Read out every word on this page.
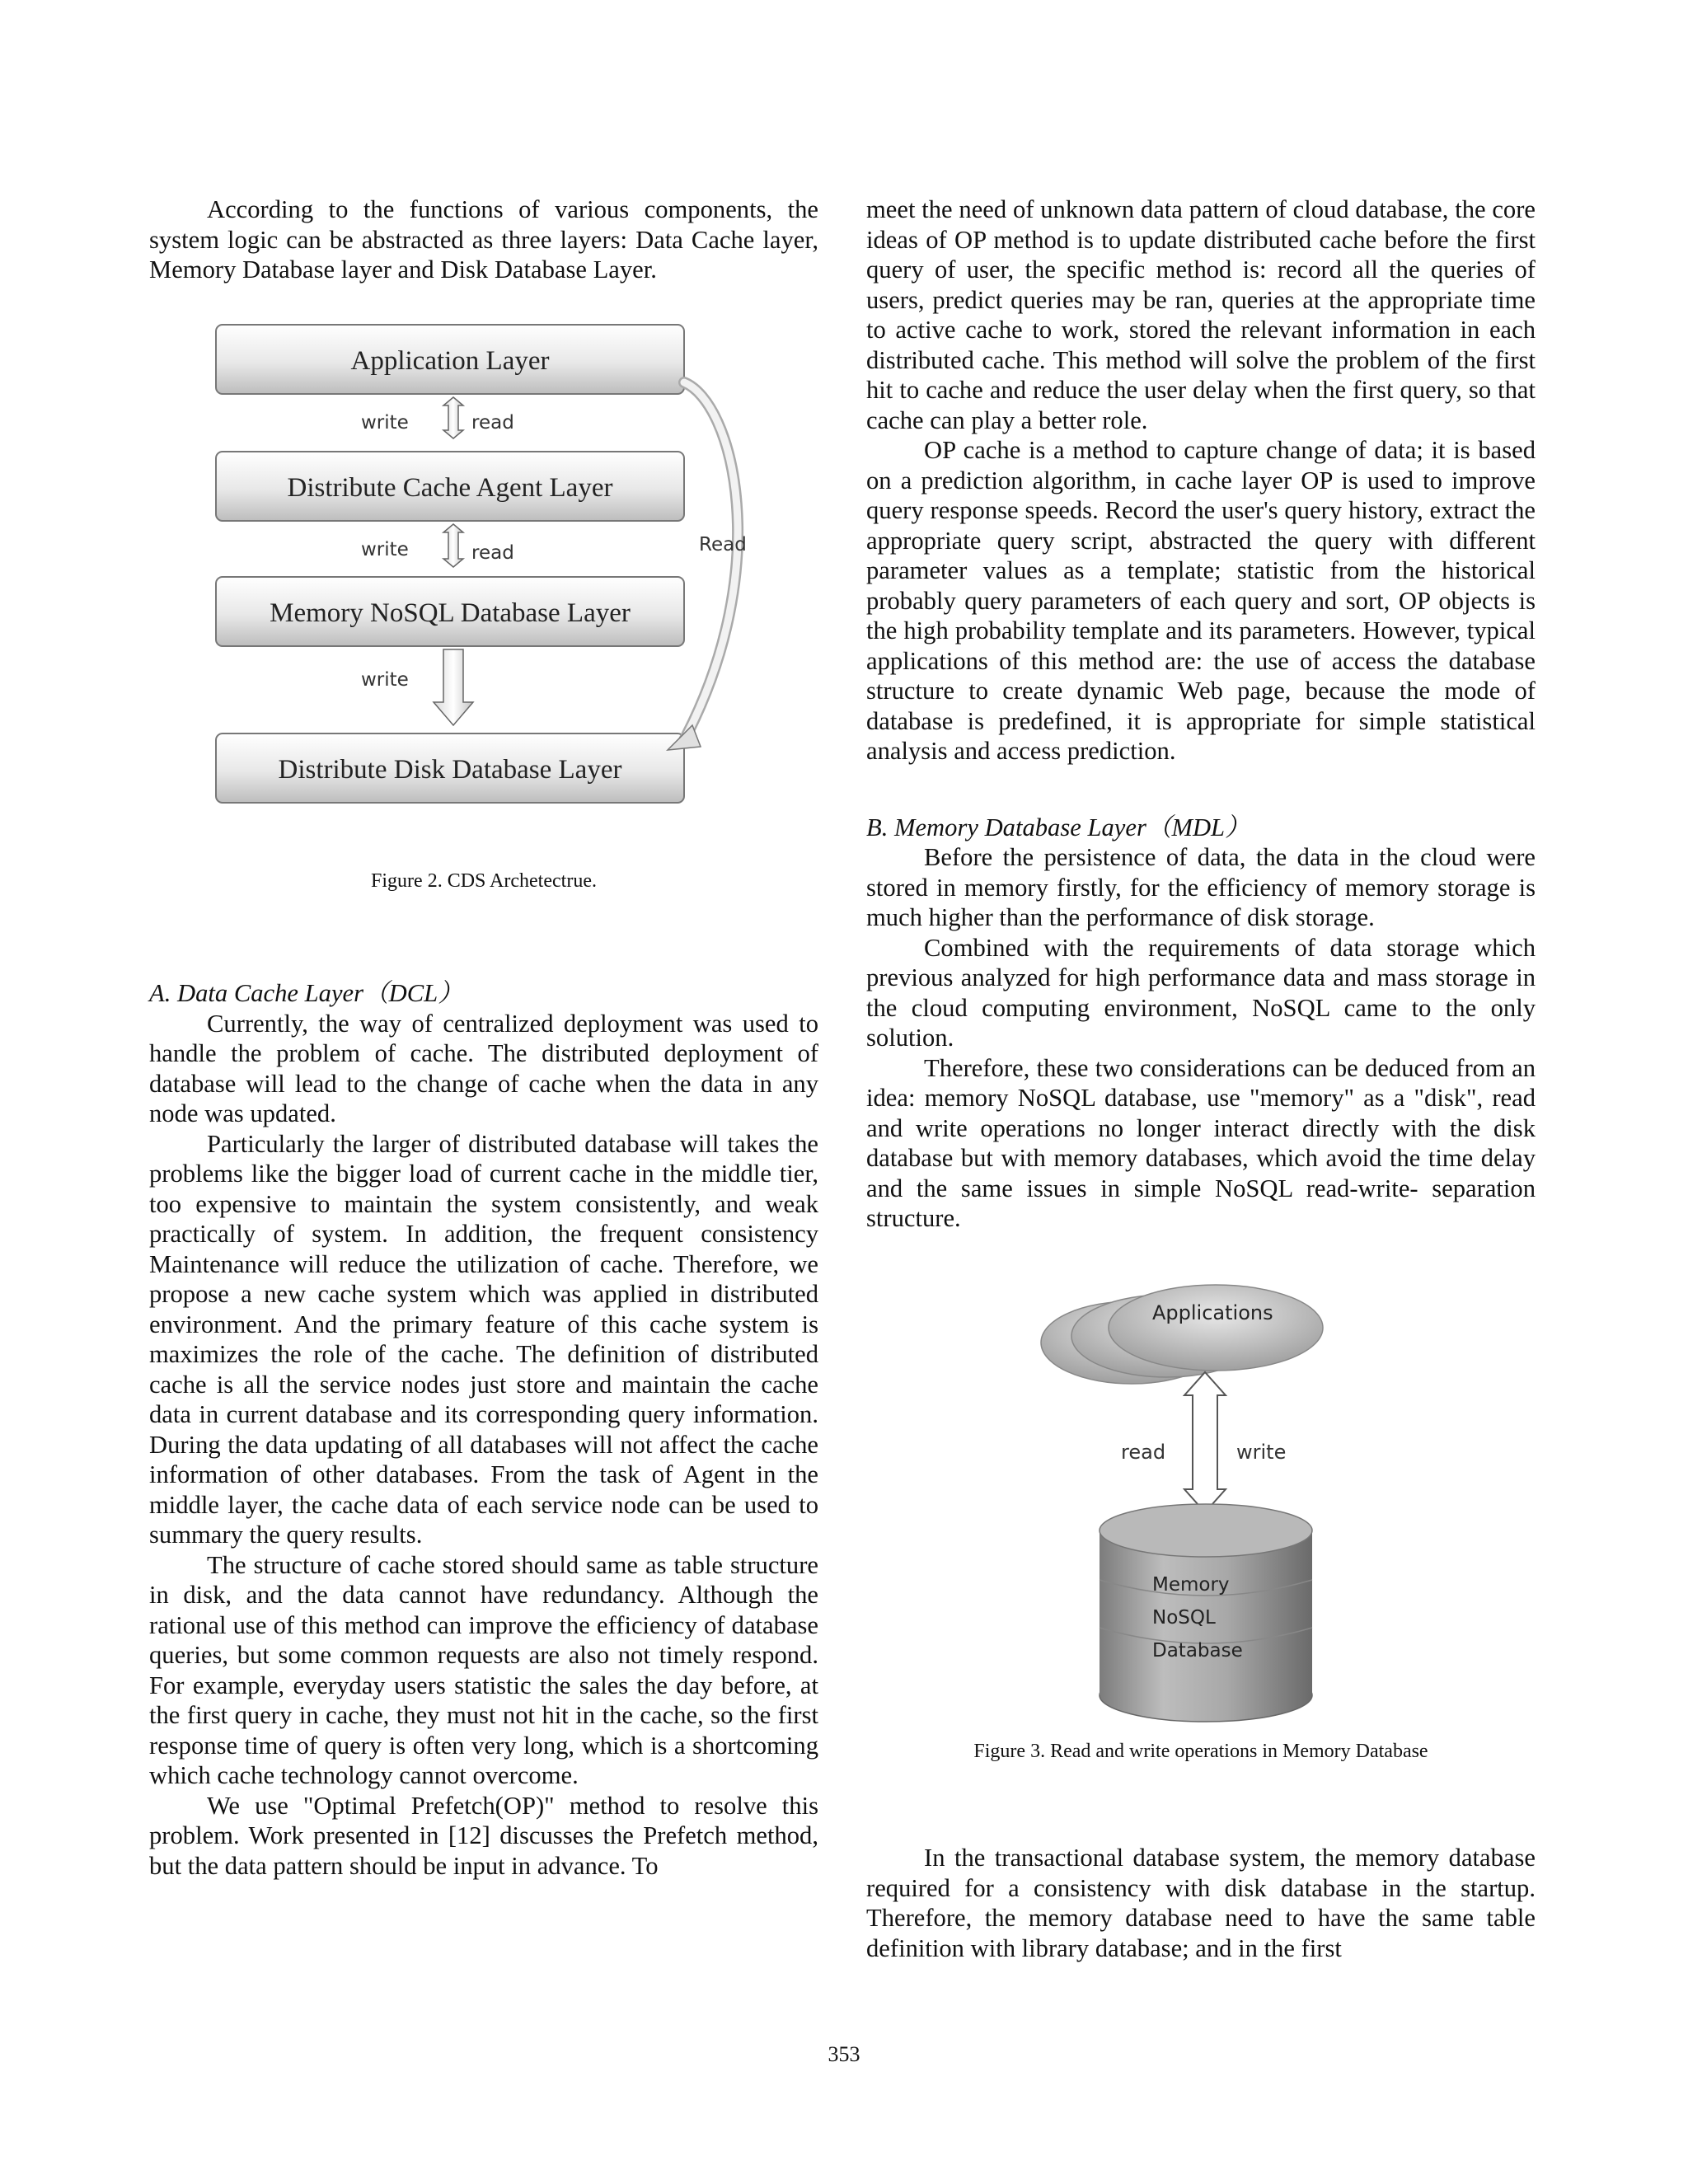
According to the functions of various components, the system logic can be abstracted as three layers: Data Cache layer, Memory Database layer and Disk Database Layer.

Application Layer
write	read
Distribute Cache Agent Layer
write	read
Memory NoSQL Database Layer
write
Distribute Disk Database Layer
Read
Figure 2. CDS Archetectrue.

A. Data Cache Layer（DCL）

Currently, the way of centralized deployment was used to handle the problem of cache. The distributed deployment of database will lead to the change of cache when the data in any node was updated.

Particularly the larger of distributed database will takes the problems like the bigger load of current cache in the middle tier, too expensive to maintain the system consistently, and weak practically of system. In addition, the frequent consistency Maintenance will reduce the utilization of cache. Therefore, we propose a new cache system which was applied in distributed environment. And the primary feature of this cache system is maximizes the role of the cache. The definition of distributed cache is all the service nodes just store and maintain the cache data in current database and its corresponding query information. During the data updating of all databases will not affect the cache information of other databases. From the task of Agent in the middle layer, the cache data of each service node can be used to summary the query results.

The structure of cache stored should same as table structure in disk, and the data cannot have redundancy. Although the rational use of this method can improve the efficiency of database queries, but some common requests are also not timely respond. For example, everyday users statistic the sales the day before, at the first query in cache, they must not hit in the cache, so the first response time of query is often very long, which is a shortcoming which cache technology cannot overcome.

We use "Optimal Prefetch(OP)" method to resolve this problem. Work presented in [12] discusses the Prefetch method, but the data pattern should be input in advance. To

meet the need of unknown data pattern of cloud database, the core ideas of OP method is to update distributed cache before the first query of user, the specific method is: record all the queries of users, predict queries may be ran, queries at the appropriate time to active cache to work, stored the relevant information in each distributed cache. This method will solve the problem of the first hit to cache and reduce the user delay when the first query, so that cache can play a better role.

OP cache is a method to capture change of data; it is based on a prediction algorithm, in cache layer OP is used to improve query response speeds. Record the user's query history, extract the appropriate query script, abstracted the query with different parameter values as a template; statistic from the historical probably query parameters of each query and sort, OP objects is the high probability template and its parameters. However, typical applications of this method are: the use of access the database structure to create dynamic Web page, because the mode of database is predefined, it is appropriate for simple statistical analysis and access prediction.

B. Memory Database Layer（MDL）

Before the persistence of data, the data in the cloud were stored in memory firstly, for the efficiency of memory storage is much higher than the performance of disk storage.

Combined with the requirements of data storage which previous analyzed for high performance data and mass storage in the cloud computing environment, NoSQL came to the only solution.

Therefore, these two considerations can be deduced from an idea: memory NoSQL database, use "memory" as a "disk", read and write operations no longer interact directly with the disk database but with memory databases, which avoid the time delay and the same issues in simple NoSQL read-write- separation structure.

Applications
read	write
Memory
NoSQL
Database
Figure 3. Read and write operations in Memory Database

In the transactional database system, the memory database required for a consistency with disk database in the startup. Therefore, the memory database need to have the same table definition with library database; and in the first

353
